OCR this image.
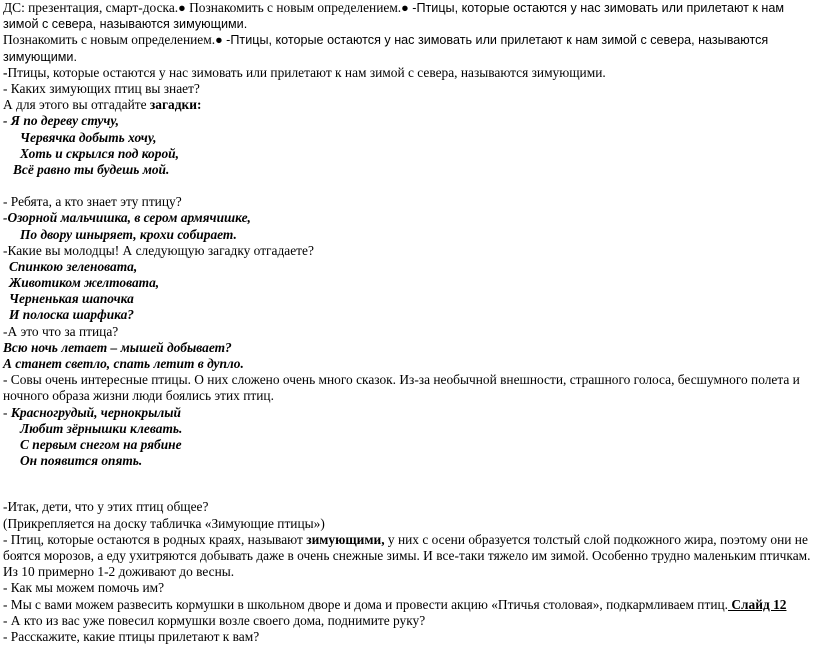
ДС: презентация, смарт-доска.● Познакомить с новым определением.● -Птицы, которые остаются у нас зимовать или прилетают к нам зимой с севера, называются зимующими.
Познакомить с новым определением.● -Птицы, которые остаются у нас зимовать или прилетают к нам зимой с севера, называются зимующими.
-Птицы, которые остаются у нас зимовать или прилетают к нам зимой с севера, называются зимующими.
- Каких зимующих птиц вы знает?
А для этого вы отгадайте загадки:
- Я по дереву стучу,
Червячка добыть хочу,
Хоть и скрылся под корой,
Всё равно ты будешь мой.
- Ребята, а кто знает эту птицу?
-Озорной мальчишка, в сером армячишке,
По двору шныряет, крохи собирает.
-Какие вы молодцы! А следующую загадку отгадаете?
Спинкою зеленовата,
Животиком желтовата,
Черненькая шапочка
И полоска шарфика?
-А это что за птица?
Всю ночь летает – мышей добывает?
А станет светло, спать летит в дупло.
- Совы очень интересные птицы. О них сложено очень много сказок. Из-за необычной внешности, страшного голоса, бесшумного полета и ночного образа жизни люди боялись этих птиц.
- Красногрудый, чернокрылый
Любит зёрнышки клевать.
С первым снегом на рябине
Он появится опять.
-Итак, дети, что у этих птиц общее?
(Прикрепляется на доску табличка «Зимующие птицы»)
- Птиц, которые остаются в родных краях, называют зимующими, у них с осени образуется толстый слой подкожного жира, поэтому они не боятся морозов, а еду ухитряются добывать даже в очень снежные зимы. И все-таки тяжело им зимой. Особенно трудно маленьким птичкам.
Из 10 примерно 1-2 доживают до весны.
- Как мы можем помочь им?
- Мы с вами можем развесить кормушки в школьном дворе и дома и провести акцию «Птичья столовая», подкармливаем птиц. Слайд 12
- А кто из вас уже повесил кормушки возле своего дома, поднимите руку?
- Расскажите, какие птицы прилетают к вам?
